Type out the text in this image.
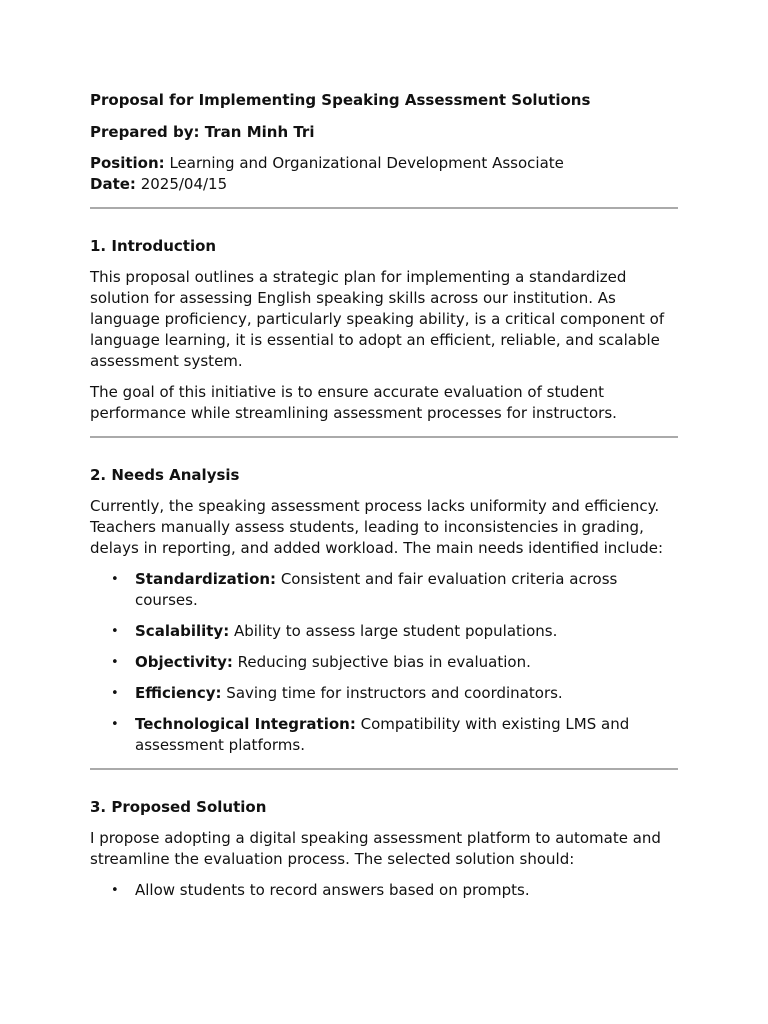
Proposal for Implementing Speaking Assessment Solutions
Prepared by: Tran Minh Tri

Position: Learning and Organizational Development Associate

Date: 2025/04/15

1. Introduction

This proposal outlines a strategic plan for implementing a standardized solution for assessing English speaking skills across our institution. As language proficiency, particularly speaking ability, is a critical component of language learning, it is essential to adopt an efficient, reliable, and scalable assessment system.

The goal of this initiative is to ensure accurate evaluation of student performance while streamlining assessment processes for instructors.

2. Needs Analysis

Currently, the speaking assessment process lacks uniformity and efficiency. Teachers manually assess students, leading to inconsistencies in grading, delays in reporting, and added workload. The main needs identified include:

• Standardization: Consistent and fair evaluation criteria across courses.
• Scalability: Ability to assess large student populations.
• Objectivity: Reducing subjective bias in evaluation.
• Efficiency: Saving time for instructors and coordinators.
• Technological Integration: Compatibility with existing LMS and assessment platforms.
3. Proposed Solution

I propose adopting a digital speaking assessment platform to automate and streamline the evaluation process. The selected solution should:

• Allow students to record answers based on prompts.
